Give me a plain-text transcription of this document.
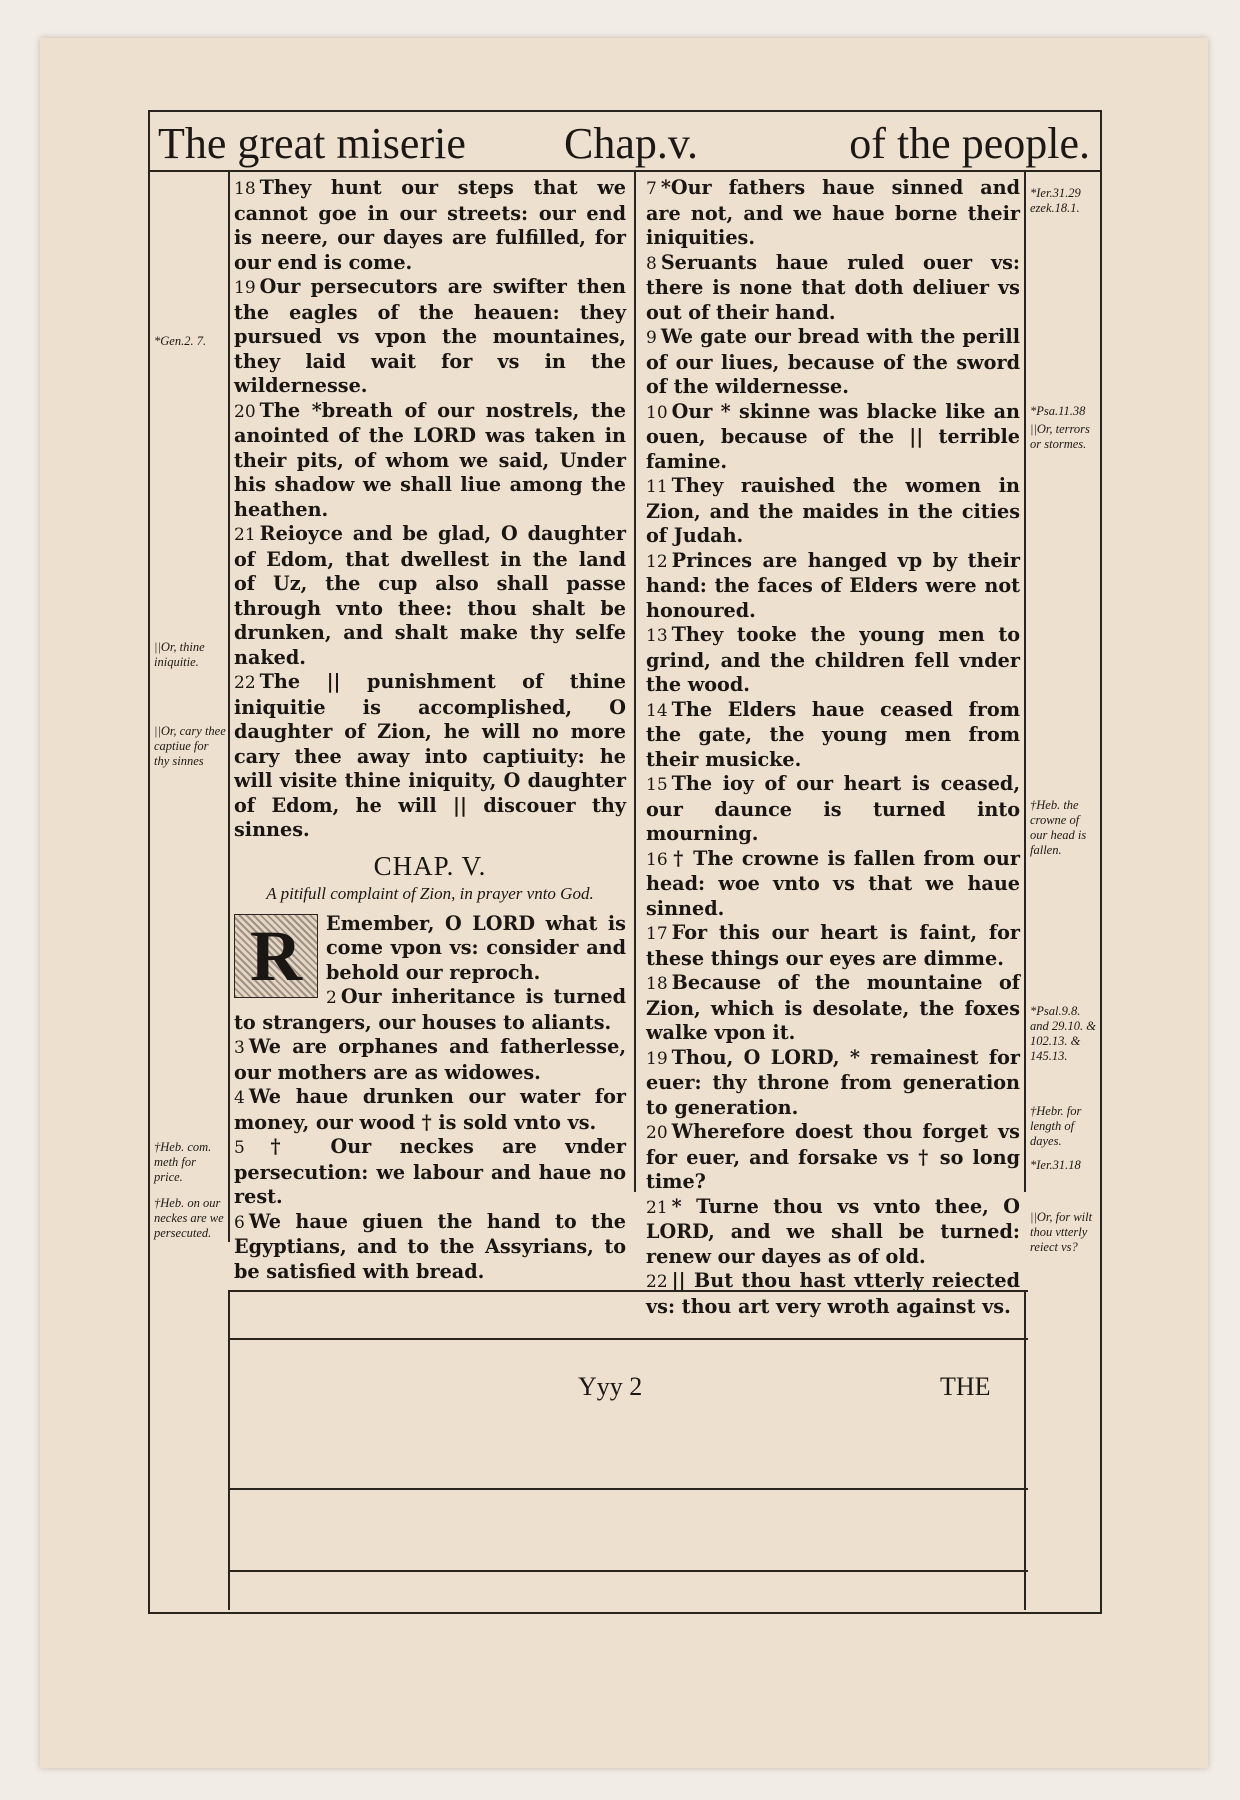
The great miserie Chap.v.	of the people.

18 They hunt our steps that we cannot goe in our streets: our end is neere, our dayes are fulfilled, for our end is come.

19 Our persecutors are swifter then the eagles of the heauen: they pursued vs vpon the mountaines, they laid wait for vs in the wildernesse.

20 The *breath of our nostrels, the anointed of the LORD was taken in their pits, of whom we said, Under his shadow we shall liue among the heathen.

21 Reioyce and be glad, O daughter of Edom, that dwellest in the land of Uz, the cup also shall passe through vnto thee: thou shalt be drunken, and shalt make thy selfe naked.

22 The || punishment of thine iniquitie is accomplished, O daughter of Zion, he will no more cary thee away into captiuity: he will visite thine iniquity, O daughter of Edom, he will || discouer thy sinnes.

CHAP. V.
A pitifull complaint of Zion, in prayer vnto God.

R	Emember, O LORD what is come vpon vs: consider and behold our reproch.

2 Our inheritance is turned to strangers, our houses to aliants.

3 We are orphanes and fatherlesse, our mothers are as widowes.

4 We haue drunken our water for money, our wood † is sold vnto vs.

5 † Our neckes are vnder persecution: we labour and haue no rest.

6 We haue giuen the hand to the Egyptians, and to the Assyrians, to be satisfied with bread.

7 *Our fathers haue sinned and are not, and we haue borne their iniquities.

8 Seruants haue ruled ouer vs: there is none that doth deliuer vs out of their hand.

9 We gate our bread with the perill of our liues, because of the sword of the wildernesse.

10 Our * skinne was blacke like an ouen, because of the || terrible famine.

11 They rauished the women in Zion, and the maides in the cities of Judah.

12 Princes are hanged vp by their hand: the faces of Elders were not honoured.

13 They tooke the young men to grind, and the children fell vnder the wood.

14 The Elders haue ceased from the gate, the young men from their musicke.

15 The ioy of our heart is ceased, our daunce is turned into mourning.

16 † The crowne is fallen from our head: woe vnto vs that we haue sinned.

17 For this our heart is faint, for these things our eyes are dimme.

18 Because of the mountaine of Zion, which is desolate, the foxes walke vpon it.

19 Thou, O LORD, * remainest for euer: thy throne from generation to generation.

20 Wherefore doest thou forget vs for euer, and forsake vs † so long time?

21 * Turne thou vs vnto thee, O LORD, and we shall be turned: renew our dayes as of old.

22 || But thou hast vtterly reiected vs: thou art very wroth against vs.

*Gen.2. 7.
||Or, thine iniquitie.
||Or, cary thee captiue for thy sinnes
†Heb. com. meth for price.
†Heb. on our neckes are we persecuted.
*Ier.31.29 ezek.18.1.
*Psa.11.38
||Or, terrors or stormes.
†Heb. the crowne of our head is fallen.
*Psal.9.8. and 29.10. & 102.13. & 145.13.
†Hebr. for length of dayes.
*Ier.31.18
||Or, for wilt thou vtterly reiect vs?
Yyy 2	THE
